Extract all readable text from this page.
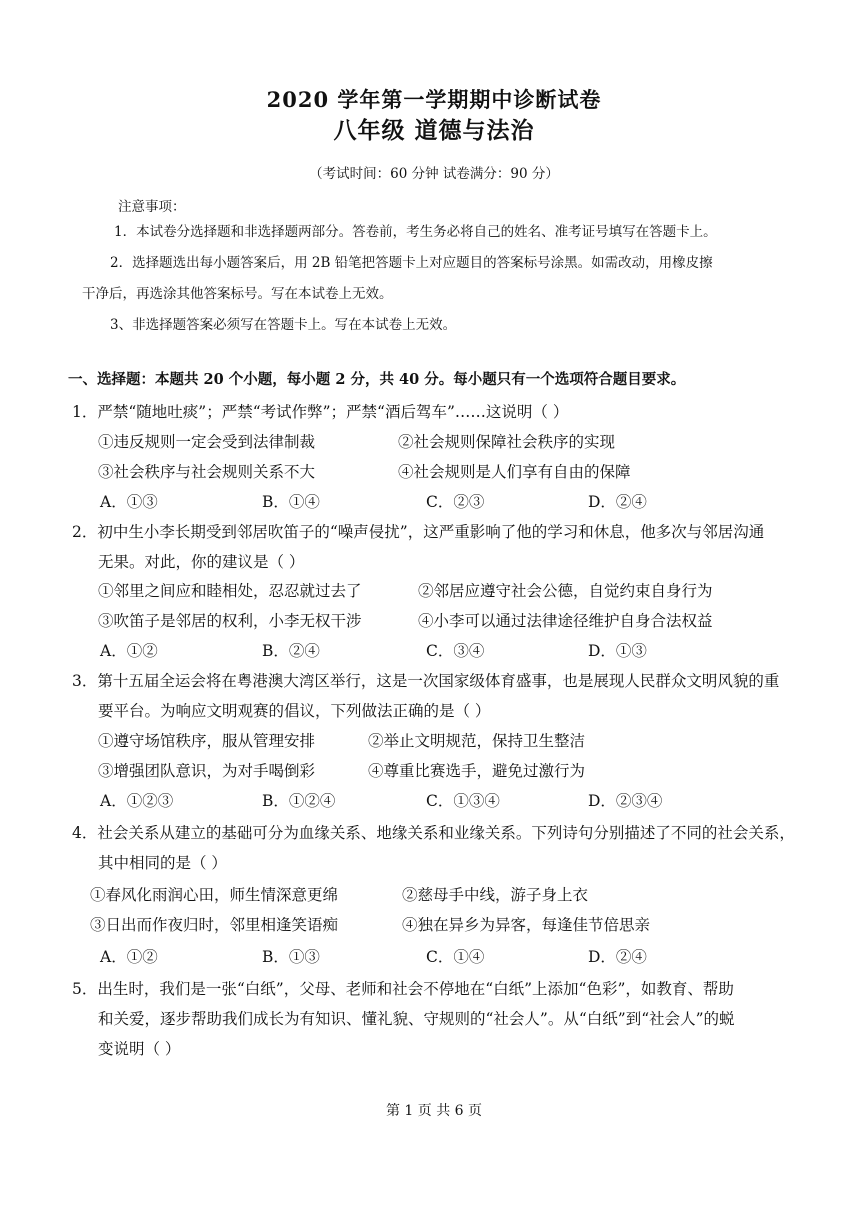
2020 学年第一学期期中诊断试卷
八年级 道德与法治
（考试时间：60 分钟 试卷满分：90 分）
注意事项：
1．本试卷分选择题和非选择题两部分。答卷前，考生务必将自己的姓名、准考证号填写在答题卡上。
2．选择题选出每小题答案后，用 2B 铅笔把答题卡上对应题目的答案标号涂黑。如需改动，用橡皮擦
干净后，再选涂其他答案标号。写在本试卷上无效。
3、非选择题答案必须写在答题卡上。写在本试卷上无效。
一、选择题：本题共 20 个小题，每小题 2 分，共 40 分。每小题只有一个选项符合题目要求。
1．严禁“随地吐痰”；严禁“考试作弊”；严禁“酒后驾车”……这说明（ ）
①违反规则一定会受到法律制裁	②社会规则保障社会秩序的实现
③社会秩序与社会规则关系不大	④社会规则是人们享有自由的保障
A．①③	B．①④	C．②③	D．②④
2．初中生小李长期受到邻居吹笛子的“噪声侵扰”，这严重影响了他的学习和休息，他多次与邻居沟通
无果。对此，你的建议是（ ）
①邻里之间应和睦相处，忍忍就过去了	②邻居应遵守社会公德，自觉约束自身行为
③吹笛子是邻居的权利，小李无权干涉	④小李可以通过法律途径维护自身合法权益
A．①②	B．②④	C．③④	D．①③
3．第十五届全运会将在粤港澳大湾区举行，这是一次国家级体育盛事，也是展现人民群众文明风貌的重
要平台。为响应文明观赛的倡议，下列做法正确的是（ ）
①遵守场馆秩序，服从管理安排	②举止文明规范，保持卫生整洁
③增强团队意识，为对手喝倒彩	④尊重比赛选手，避免过激行为
A．①②③	B．①②④	C．①③④	D．②③④
4．社会关系从建立的基础可分为血缘关系、地缘关系和业缘关系。下列诗句分别描述了不同的社会关系，
其中相同的是（ ）
①春风化雨润心田，师生情深意更绵	②慈母手中线，游子身上衣
③日出而作夜归时，邻里相逢笑语痴	④独在异乡为异客，每逢佳节倍思亲
A．①②	B．①③	C．①④	D．②④
5．出生时，我们是一张“白纸”，父母、老师和社会不停地在“白纸”上添加“色彩”，如教育、帮助
和关爱，逐步帮助我们成长为有知识、懂礼貌、守规则的“社会人”。从“白纸”到“社会人”的蜕
变说明（ ）
第 1 页 共 6 页
